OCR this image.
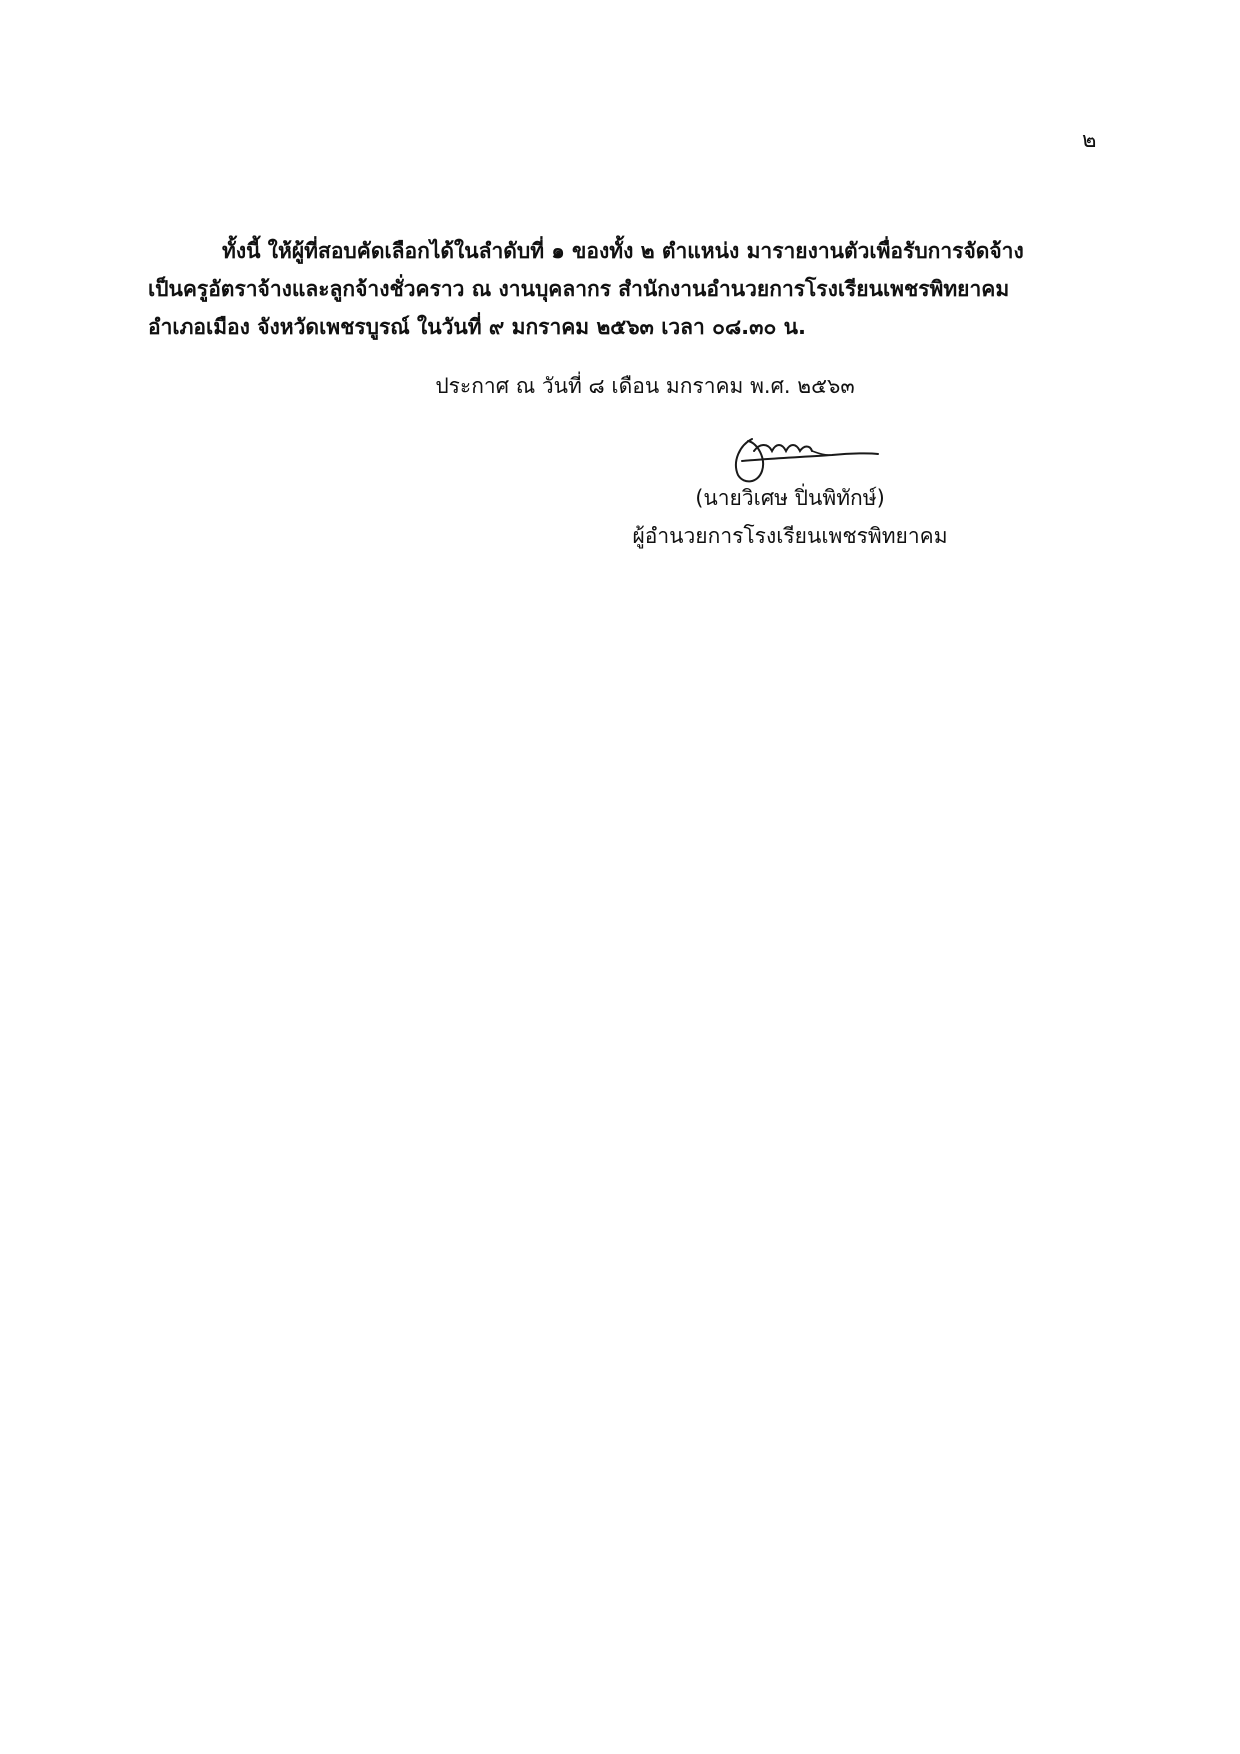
๒
ทั้งนี้ ให้ผู้ที่สอบคัดเลือกได้ในลำดับที่ ๑ ของทั้ง ๒ ตำแหน่ง มารายงานตัวเพื่อรับการจัดจ้าง
เป็นครูอัตราจ้างและลูกจ้างชั่วคราว ณ งานบุคลากร สำนักงานอำนวยการโรงเรียนเพชรพิทยาคม
อำเภอเมือง จังหวัดเพชรบูรณ์ ในวันที่ ๙ มกราคม ๒๕๖๓ เวลา ๐๘.๓๐ น.
ประกาศ ณ วันที่ ๘ เดือน มกราคม พ.ศ. ๒๕๖๓
(นายวิเศษ ปิ่นพิทักษ์)
ผู้อำนวยการโรงเรียนเพชรพิทยาคม
